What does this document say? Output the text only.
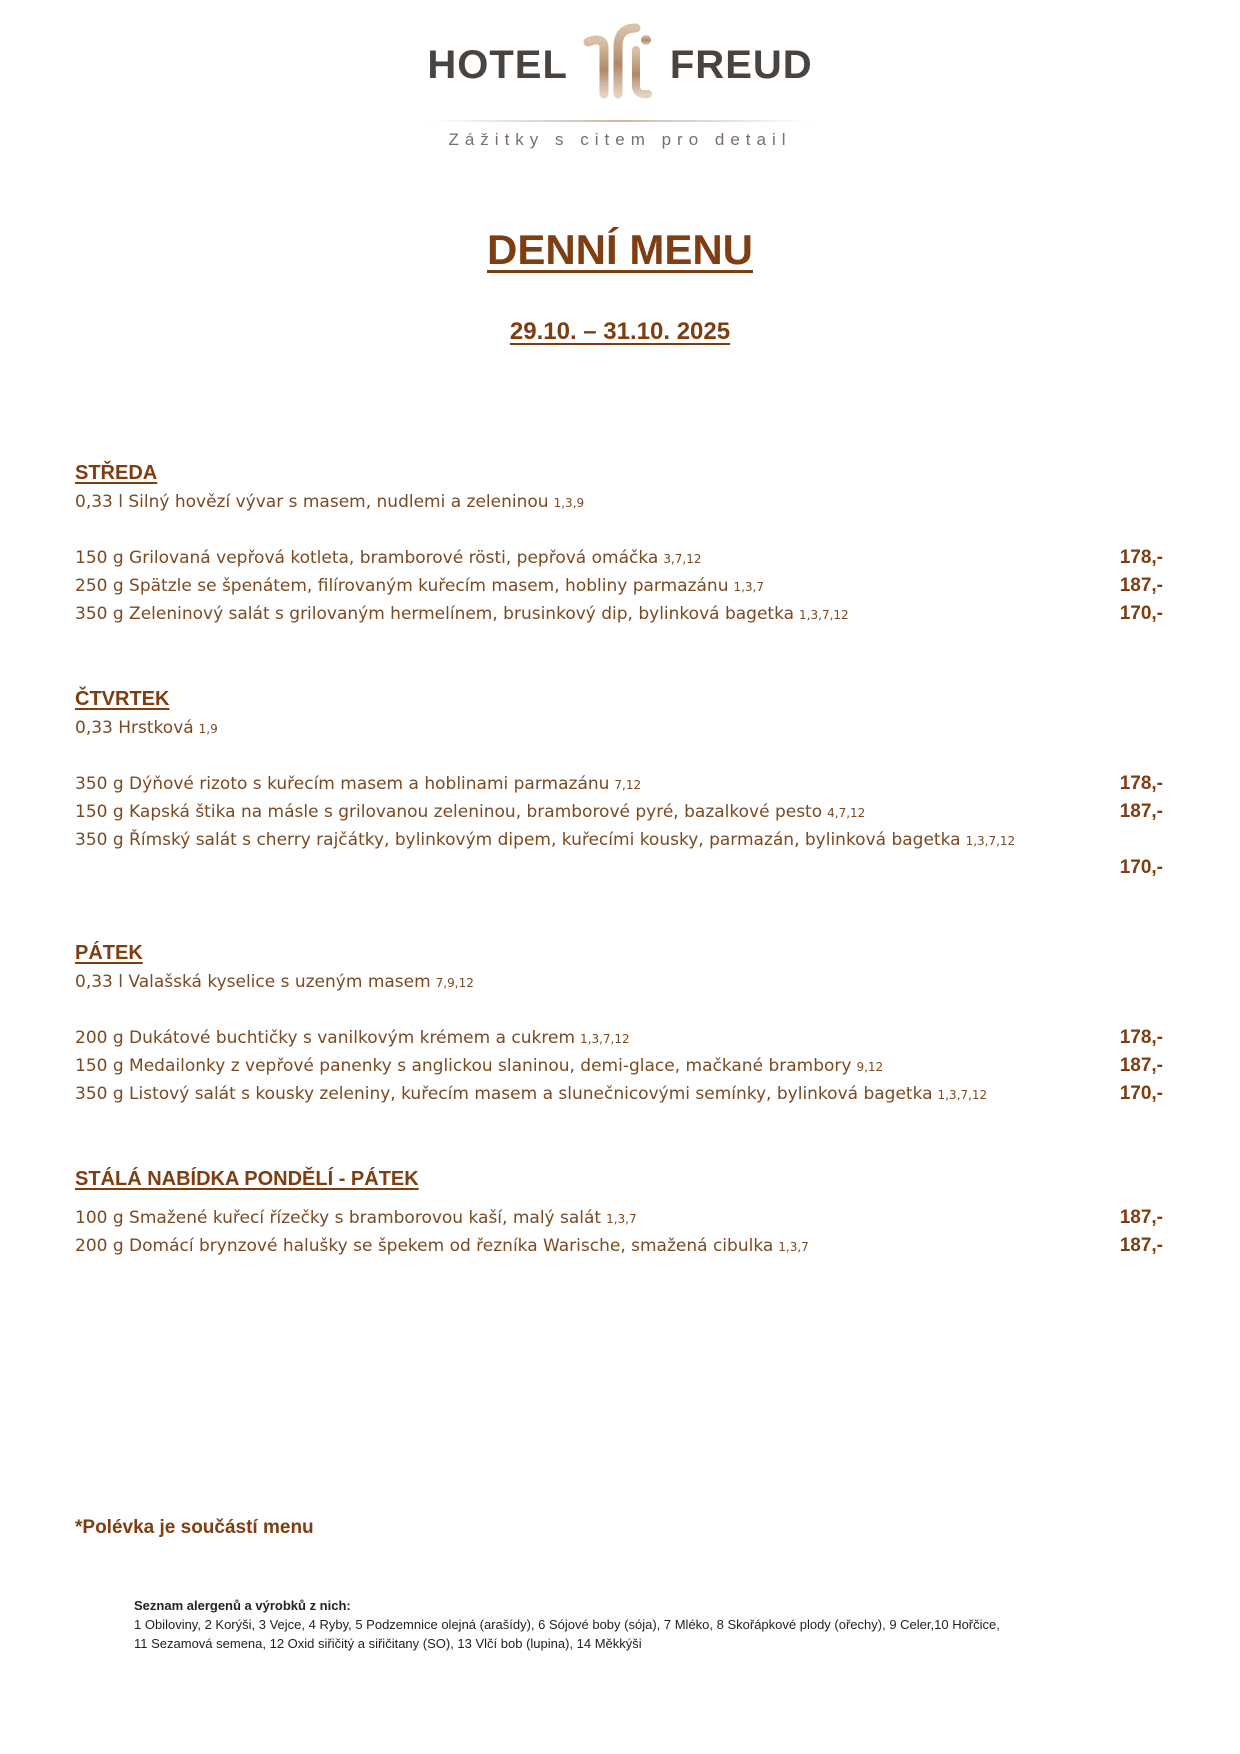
HOTEL	FREUD
Zážitky s citem pro detail
DENNÍ MENU
29.10. – 31.10. 2025
STŘEDA
0,33 l Silný hovězí vývar s masem, nudlemi a zeleninou 1,3,9
150 g Grilovaná vepřová kotleta, bramborové rösti, pepřová omáčka 3,7,12	178,-
250 g Spätzle se špenátem, filírovaným kuřecím masem, hobliny parmazánu 1,3,7	187,-
350 g Zeleninový salát s grilovaným hermelínem, brusinkový dip, bylinková bagetka 1,3,7,12	170,-
ČTVRTEK
0,33 Hrstková 1,9
350 g Dýňové rizoto s kuřecím masem a hoblinami parmazánu 7,12	178,-
150 g Kapská štika na másle s grilovanou zeleninou, bramborové pyré, bazalkové pesto 4,7,12	187,-
350 g Římský salát s cherry rajčátky, bylinkovým dipem, kuřecími kousky, parmazán, bylinková bagetka 1,3,7,12
170,-
PÁTEK
0,33 l Valašská kyselice s uzeným masem 7,9,12
200 g Dukátové buchtičky s vanilkovým krémem a cukrem 1,3,7,12	178,-
150 g Medailonky z vepřové panenky s anglickou slaninou, demi-glace, mačkané brambory 9,12	187,-
350 g Listový salát s kousky zeleniny, kuřecím masem a slunečnicovými semínky, bylinková bagetka 1,3,7,12	170,-
STÁLÁ NABÍDKA PONDĚLÍ - PÁTEK
100 g Smažené kuřecí řízečky s bramborovou kaší, malý salát 1,3,7	187,-
200 g Domácí brynzové halušky se špekem od řezníka Warische, smažená cibulka 1,3,7	187,-
*Polévka je součástí menu
Seznam alergenů a výrobků z nich:
1 Obiloviny, 2 Korýši, 3 Vejce, 4 Ryby, 5 Podzemnice olejná (arašídy), 6 Sójové boby (sója), 7 Mléko, 8 Skořápkové plody (ořechy), 9 Celer,10 Hořčice,
11 Sezamová semena, 12 Oxid siřičitý a siřičitany (SO), 13 Vlčí bob (lupina), 14 Měkkýši
